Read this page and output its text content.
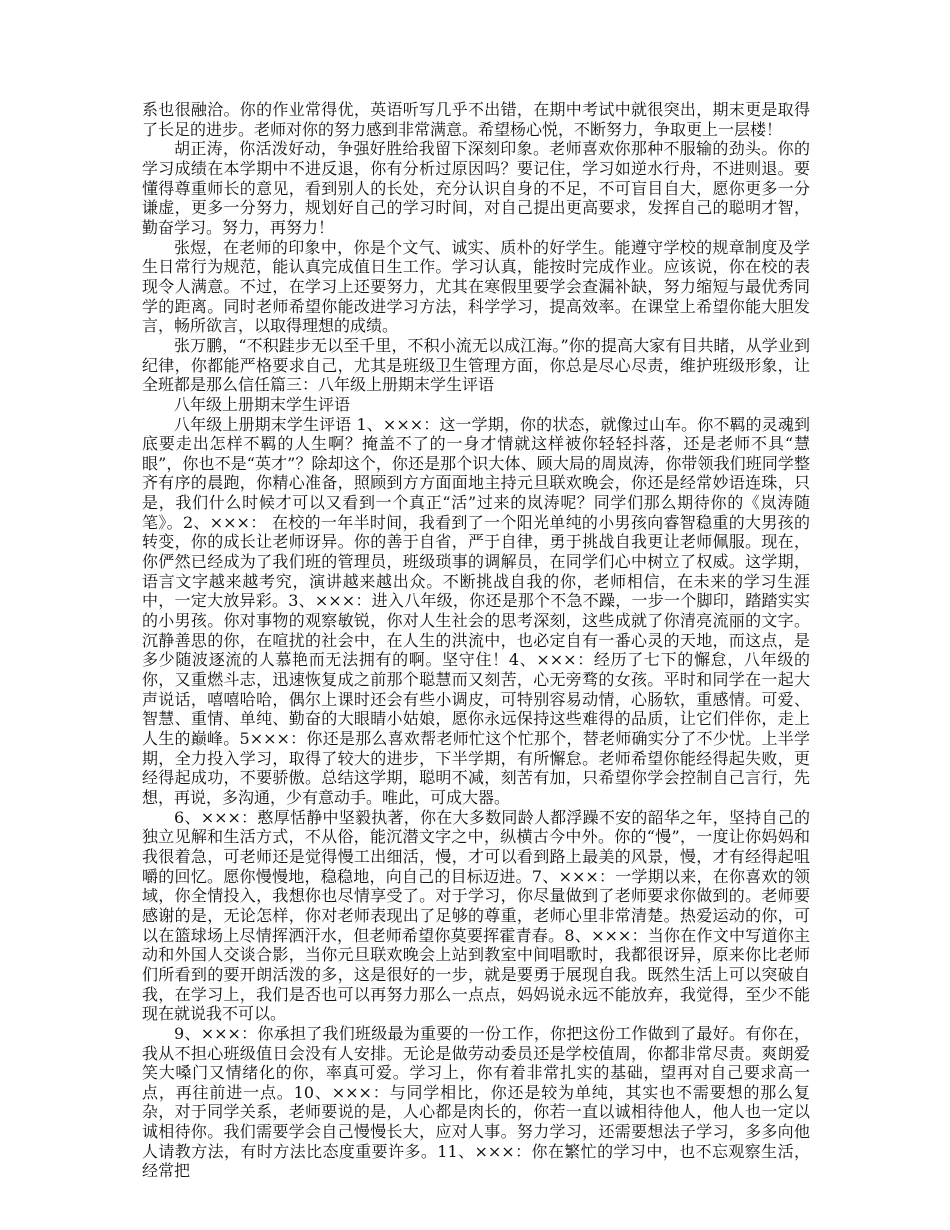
系也很融洽。你的作业常得优，英语听写几乎不出错，在期中考试中就很突出，期末更是取得了长足的进步。老师对你的努力感到非常满意。希望杨心悦，不断努力，争取更上一层楼！

胡正涛，你活泼好动，争强好胜给我留下深刻印象。老师喜欢你那种不服输的劲头。你的学习成绩在本学期中不进反退，你有分析过原因吗？要记住，学习如逆水行舟，不进则退。要懂得尊重师长的意见，看到别人的长处，充分认识自身的不足，不可盲目自大，愿你更多一分谦虚，更多一分努力，规划好自己的学习时间，对自己提出更高要求，发挥自己的聪明才智，勤奋学习。努力，再努力！

张煜，在老师的印象中，你是个文气、诚实、质朴的好学生。能遵守学校的规章制度及学生日常行为规范，能认真完成值日生工作。学习认真，能按时完成作业。应该说，你在校的表现令人满意。不过，在学习上还要努力，尤其在寒假里要学会查漏补缺，努力缩短与最优秀同学的距离。同时老师希望你能改进学习方法，科学学习，提高效率。在课堂上希望你能大胆发言，畅所欲言，以取得理想的成绩。

张万鹏，“不积跬步无以至千里，不积小流无以成江海。”你的提高大家有目共睹，从学业到纪律，你都能严格要求自己，尤其是班级卫生管理方面，你总是尽心尽责，维护班级形象，让全班都是那么信任篇三：八年级上册期末学生评语

八年级上册期末学生评语

八年级上册期末学生评语 1、×××：这一学期，你的状态，就像过山车。你不羁的灵魂到底要走出怎样不羁的人生啊？掩盖不了的一身才情就这样被你轻轻抖落，还是老师不具“慧眼”，你也不是“英才”？除却这个，你还是那个识大体、顾大局的周岚涛，你带领我们班同学整齐有序的晨跑，你精心准备，照顾到方方面面地主持元旦联欢晚会，你还是经常妙语连珠，只是，我们什么时候才可以又看到一个真正“活”过来的岚涛呢？同学们那么期待你的《岚涛随笔》。2、×××： 在校的一年半时间，我看到了一个阳光单纯的小男孩向睿智稳重的大男孩的转变，你的成长让老师讶异。你的善于自省，严于自律，勇于挑战自我更让老师佩服。现在，你俨然已经成为了我们班的管理员，班级琐事的调解员，在同学们心中树立了权威。这学期，语言文字越来越考究，演讲越来越出众。不断挑战自我的你，老师相信，在未来的学习生涯中，一定大放异彩。3、×××：进入八年级，你还是那个不急不躁，一步一个脚印，踏踏实实的小男孩。你对事物的观察敏锐，你对人生社会的思考深刻，这些成就了你清亮流丽的文字。沉静善思的你，在喧扰的社会中，在人生的洪流中，也必定自有一番心灵的天地，而这点，是多少随波逐流的人慕艳而无法拥有的啊。坚守住！4、×××：经历了七下的懈怠，八年级的你，又重燃斗志，迅速恢复成之前那个聪慧而又刻苦，心无旁骛的女孩。平时和同学在一起大声说话，嘻嘻哈哈，偶尔上课时还会有些小调皮，可特别容易动情，心肠软，重感情。可爱、智慧、重情、单纯、勤奋的大眼睛小姑娘，愿你永远保持这些难得的品质，让它们伴你，走上人生的巅峰。5×××：你还是那么喜欢帮老师忙这个忙那个，替老师确实分了不少忧。上半学期，全力投入学习，取得了较大的进步，下半学期，有所懈怠。老师希望你能经得起失败，更经得起成功，不要骄傲。总结这学期，聪明不减，刻苦有加，只希望你学会控制自己言行，先想，再说，多沟通，少有意动手。唯此，可成大器。

6、×××：憨厚恬静中坚毅执著，你在大多数同龄人都浮躁不安的韶华之年，坚持自己的独立见解和生活方式，不从俗，能沉潜文字之中，纵横古今中外。你的“慢”，一度让你妈妈和我很着急，可老师还是觉得慢工出细活，慢，才可以看到路上最美的风景，慢，才有经得起咀嚼的回忆。愿你慢慢地，稳稳地，向自己的目标迈进。7、×××：一学期以来，在你喜欢的领域，你全情投入，我想你也尽情享受了。对于学习，你尽量做到了老师要求你做到的。老师要感谢的是，无论怎样，你对老师表现出了足够的尊重，老师心里非常清楚。热爱运动的你，可以在篮球场上尽情挥洒汗水，但老师希望你莫要挥霍青春。8、×××：当你在作文中写道你主动和外国人交谈合影，当你元旦联欢晚会上站到教室中间唱歌时，我都很讶异，原来你比老师们所看到的要开朗活泼的多，这是很好的一步，就是要勇于展现自我。既然生活上可以突破自我，在学习上，我们是否也可以再努力那么一点点，妈妈说永远不能放弃，我觉得，至少不能现在就说我不可以。

9、×××：你承担了我们班级最为重要的一份工作，你把这份工作做到了最好。有你在，我从不担心班级值日会没有人安排。无论是做劳动委员还是学校值周，你都非常尽责。爽朗爱笑大嗓门又情绪化的你，率真可爱。学习上，你有着非常扎实的基础，望再对自己要求高一点，再往前进一点。10、×××：与同学相比，你还是较为单纯，其实也不需要想的那么复杂，对于同学关系，老师要说的是，人心都是肉长的，你若一直以诚相待他人，他人也一定以诚相待你。我们需要学会自己慢慢长大，应对人事。努力学习，还需要想法子学习，多多向他人请教方法，有时方法比态度重要许多。11、×××：你在繁忙的学习中，也不忘观察生活，经常把
